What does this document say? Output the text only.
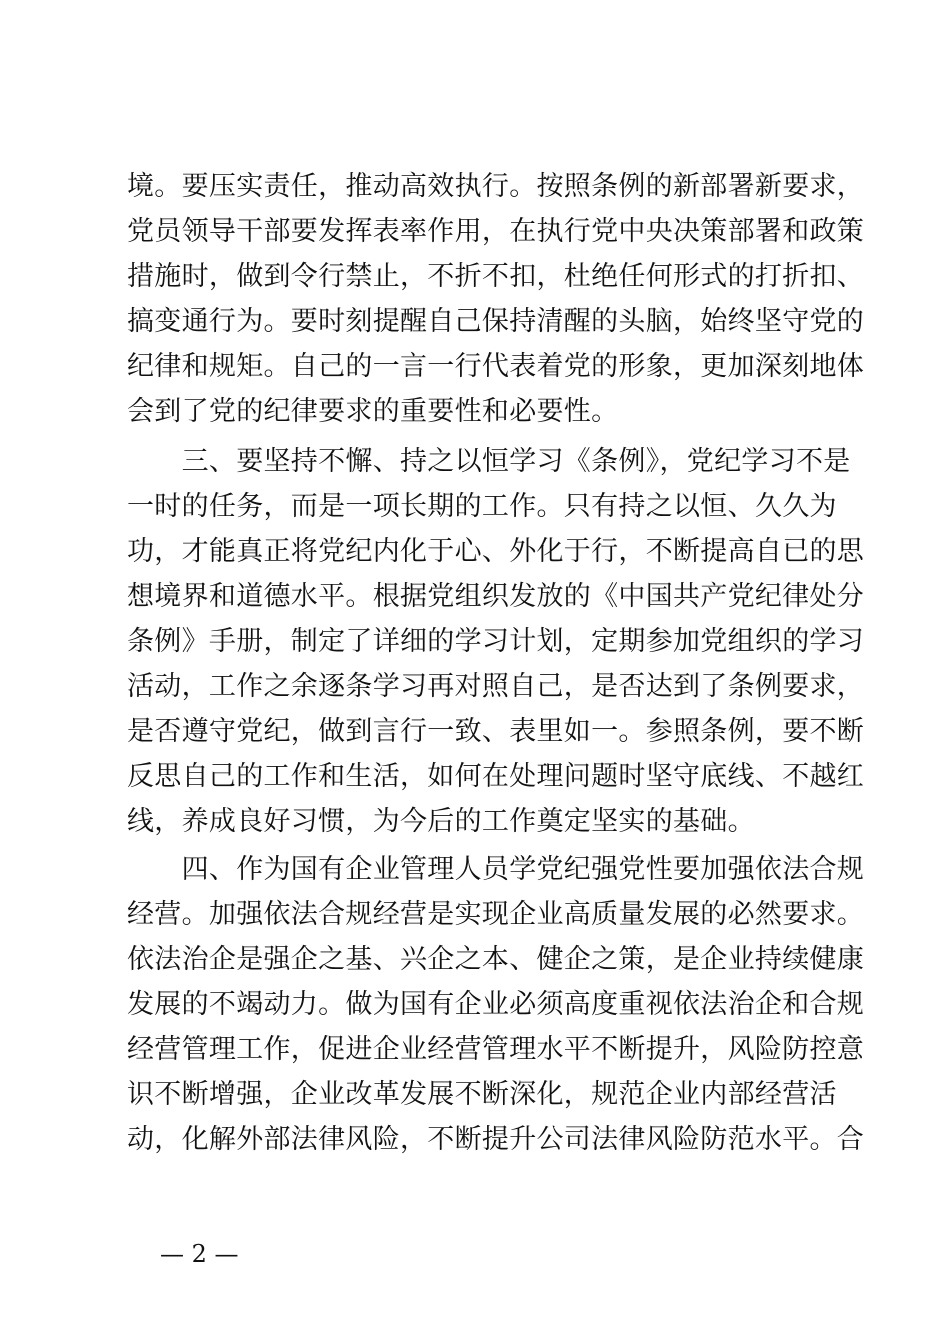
境。要压实责任，推动高效执行。按照条例的新部署新要求，
党员领导干部要发挥表率作用，在执行党中央决策部署和政策
措施时，做到令行禁止，不折不扣，杜绝任何形式的打折扣、
搞变通行为。要时刻提醒自己保持清醒的头脑，始终坚守党的
纪律和规矩。自己的一言一行代表着党的形象，更加深刻地体
会到了党的纪律要求的重要性和必要性。
　　三、要坚持不懈、持之以恒学习《条例》，党纪学习不是
一时的任务，而是一项长期的工作。只有持之以恒、久久为
功，才能真正将党纪内化于心、外化于行，不断提高自已的思
想境界和道德水平。根据党组织发放的《中国共产党纪律处分
条例》手册，制定了详细的学习计划，定期参加党组织的学习
活动，工作之余逐条学习再对照自己，是否达到了条例要求，
是否遵守党纪，做到言行一致、表里如一。参照条例，要不断
反思自己的工作和生活，如何在处理问题时坚守底线、不越红
线，养成良好习惯，为今后的工作奠定坚实的基础。
　　四、作为国有企业管理人员学党纪强党性要加强依法合规
经营。加强依法合规经营是实现企业高质量发展的必然要求。
依法治企是强企之基、兴企之本、健企之策，是企业持续健康
发展的不竭动力。做为国有企业必须高度重视依法治企和合规
经营管理工作，促进企业经营管理水平不断提升，风险防控意
识不断增强，企业改革发展不断深化，规范企业内部经营活
动，化解外部法律风险，不断提升公司法律风险防范水平。合
— 2 —
